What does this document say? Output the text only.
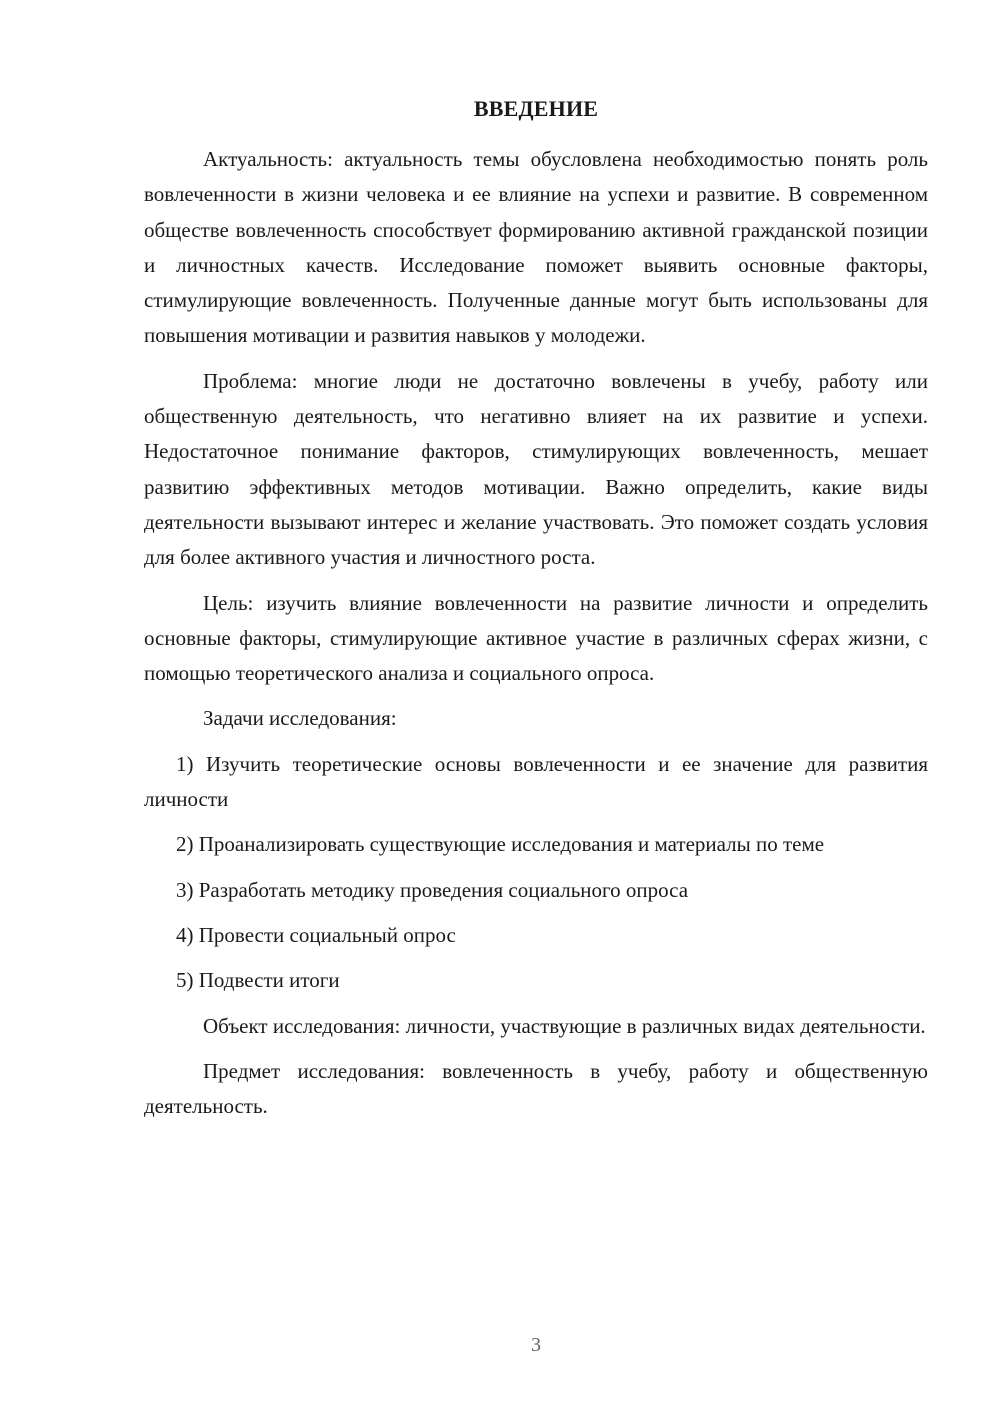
ВВЕДЕНИЕ

Актуальность: актуальность темы обусловлена необходимостью понять роль вовлеченности в жизни человека и ее влияние на успехи и развитие. В современном обществе вовлеченность способствует формированию активной гражданской позиции и личностных качеств. Исследование поможет выявить основные факторы, стимулирующие вовлеченность. Полученные данные могут быть использованы для повышения мотивации и развития навыков у молодежи.

Проблема: многие люди не достаточно вовлечены в учебу, работу или общественную деятельность, что негативно влияет на их развитие и успехи. Недостаточное понимание факторов, стимулирующих вовлеченность, мешает развитию эффективных методов мотивации. Важно определить, какие виды деятельности вызывают интерес и желание участвовать. Это поможет создать условия для более активного участия и личностного роста.

Цель: изучить влияние вовлеченности на развитие личности и определить основные факторы, стимулирующие активное участие в различных сферах жизни, с помощью теоретического анализа и социального опроса.

Задачи исследования:

1) Изучить теоретические основы вовлеченности и ее значение для развития личности

2) Проанализировать существующие исследования и материалы по теме

3) Разработать методику проведения социального опроса

4) Провести социальный опрос

5) Подвести итоги

Объект исследования: личности, участвующие в различных видах деятельности.

Предмет исследования: вовлеченность в учебу, работу и общественную деятельность.

3
